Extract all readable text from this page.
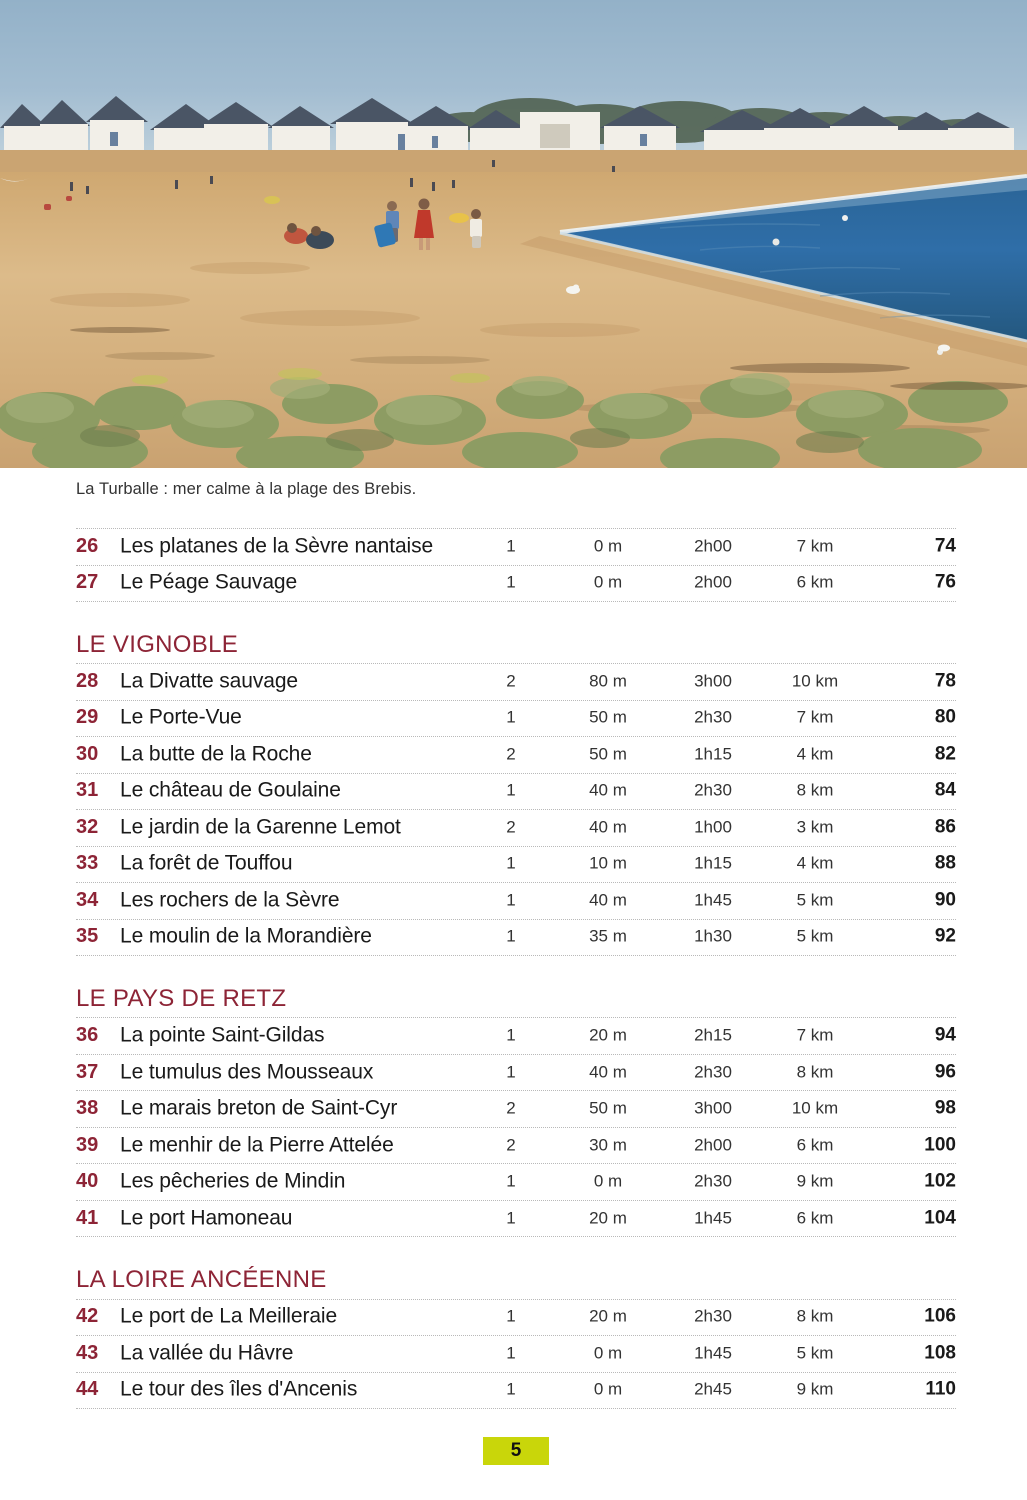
La Turballe : mer calme à la plage des Brebis.
26	Les platanes de la Sèvre nantaise	1	0 m	2h00	7 km	74
27	Le Péage Sauvage	1	0 m	2h00	6 km	76
LE VIGNOBLE
28	La Divatte sauvage	2	80 m	3h00	10 km	78
29	Le Porte-Vue	1	50 m	2h30	7 km	80
30	La butte de la Roche	2	50 m	1h15	4 km	82
31	Le château de Goulaine	1	40 m	2h30	8 km	84
32	Le jardin de la Garenne Lemot	2	40 m	1h00	3 km	86
33	La forêt de Touffou	1	10 m	1h15	4 km	88
34	Les rochers de la Sèvre	1	40 m	1h45	5 km	90
35	Le moulin de la Morandière	1	35 m	1h30	5 km	92
LE PAYS DE RETZ
36	La pointe Saint-Gildas	1	20 m	2h15	7 km	94
37	Le tumulus des Mousseaux	1	40 m	2h30	8 km	96
38	Le marais breton de Saint-Cyr	2	50 m	3h00	10 km	98
39	Le menhir de la Pierre Attelée	2	30 m	2h00	6 km	100
40	Les pêcheries de Mindin	1	0 m	2h30	9 km	102
41	Le port Hamoneau	1	20 m	1h45	6 km	104
LA LOIRE ANCÉENNE
42	Le port de La Meilleraie	1	20 m	2h30	8 km	106
43	La vallée du Hâvre	1	0 m	1h45	5 km	108
44	Le tour des îles d'Ancenis	1	0 m	2h45	9 km	110
5
